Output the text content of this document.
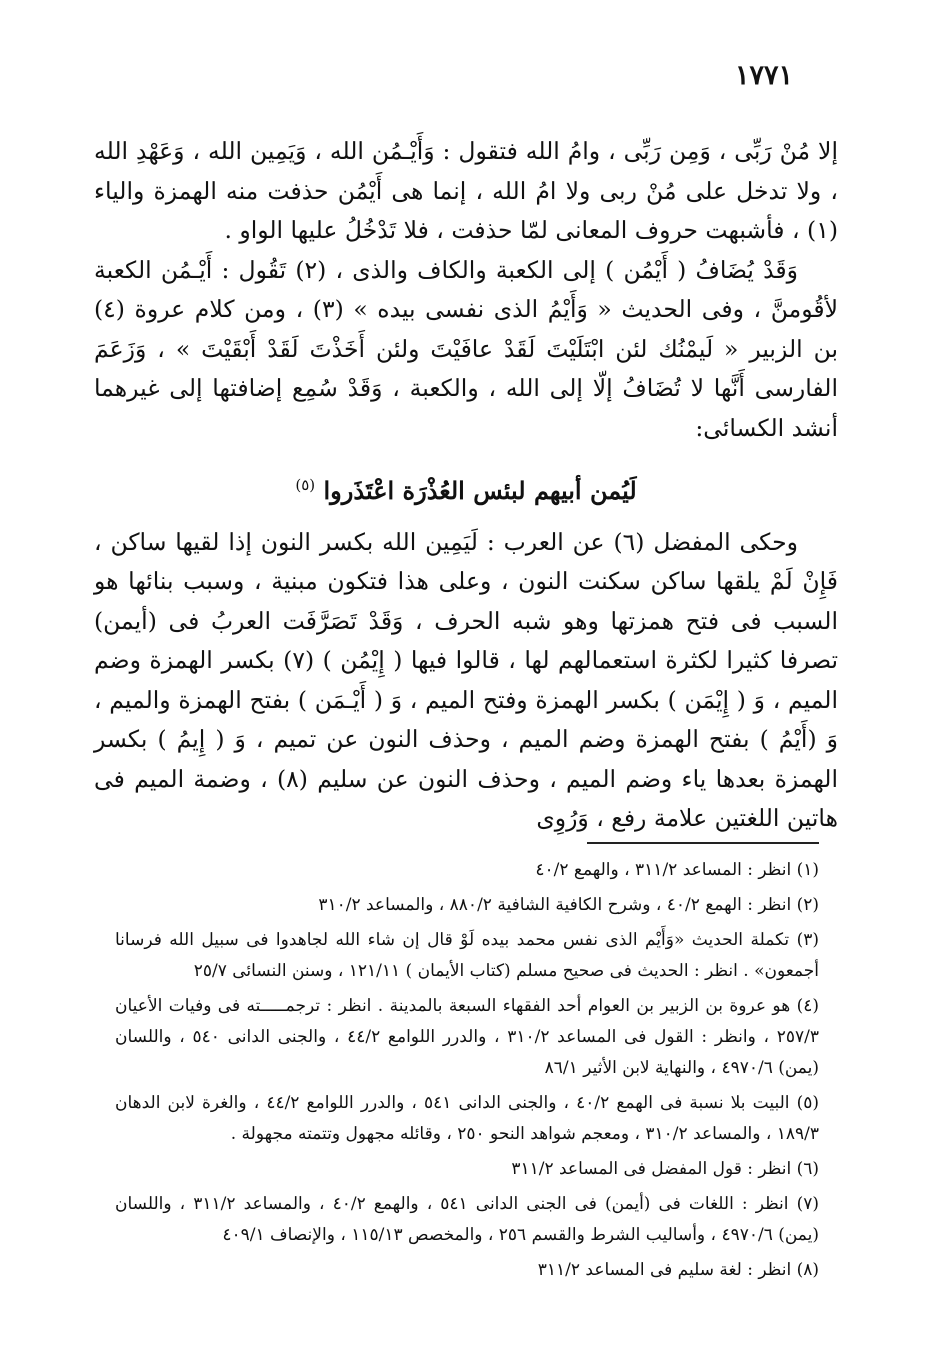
١٧٧١

إلا مُنْ رَبِّى ، وَمِن رَبِّى ، وامُ الله فتقول : وَأَيْـمُن الله ، وَيَمِين الله ، وَعَهْدِ الله ، ولا تدخل على مُنْ ربى ولا امُ الله ، إنما هى أَيْمُن حذفت منه الهمزة والياء (١) ، فأشبهت حروف المعانى لمّا حذفت ، فلا تَدْخُلُ عليها الواو .

وَقَدْ يُضَافُ ( أَيْمُن ) إلى الكعبة والكاف والذى ، (٢) تَقُول : أَيْـمُن الكعبة لأقُومنَّ ، وفى الحديث « وَأَيْمُ الذى نفسى بيده » (٣) ، ومن كلام عروة (٤) بن الزبير « لَيمْنُك لئن ابْتَلَيْتَ لَقَدْ عافَيْتَ ولئن أَخَذْتَ لَقَدْ أَبْقَيْتَ » ، وَزَعَمَ الفارسى أَنَّها لا تُضَافُ إلّا إلى الله ، والكعبة ، وَقَدْ سُمِع إضافتها إلى غيرهما أنشد الكسائى:

لَيُمن أبيهم لبئس العُذْرَة اعْتَذَروا $^{(٥)}$

وحكى المفضل (٦) عن العرب : لَيَمِين الله بكسر النون إذا لقيها ساكن ، فَإِنْ لَمْ يلقها ساكن سكنت النون ، وعلى هذا فتكون مبنية ، وسبب بنائها هو السبب فى فتح همزتها وهو شبه الحرف ، وَقَدْ تَصَرَّفَت العربُ فى (أيمن) تصرفا كثيرا لكثرة استعمالهم لها ، قالوا فيها ( إِيْمُن ) (٧) بكسر الهمزة وضم الميم ، وَ ( إِيْمَن ) بكسر الهمزة وفتح الميم ، وَ ( أَيْـمَن ) بفتح الهمزة والميم ، وَ (أَيْمُ ) بفتح الهمزة وضم الميم ، وحذف النون عن تميم ، وَ ( إِيمُ ) بكسر الهمزة بعدها ياء وضم الميم ، وحذف النون عن سليم (٨) ، وضمة الميم فى هاتين اللغتين علامة رفع ، وَرُوِى

(١) انظر : المساعد ٣١١/٢ ، والهمع ٤٠/٢

(٢) انظر : الهمع ٤٠/٢ ، وشرح الكافية الشافية ٨٨٠/٢ ، والمساعد ٣١٠/٢

(٣) تكملة الحديث «وَأَيْم الذى نفس محمد بيده لَوْ قال إن شاء الله لجاهدوا فى سبيل الله فرسانا أجمعون» . انظر : الحديث فى صحيح مسلم (كتاب الأيمان ) ١٢١/١١ ، وسنن النسائى ٢٥/٧

(٤) هو عروة بن الزبير بن العوام أحد الفقهاء السبعة بالمدينة . انظر : ترجمـــــته فى وفيات الأعيان ٢٥٧/٣ ، وانظر : القول فى المساعد ٣١٠/٢ ، والدرر اللوامع ٤٤/٢ ، والجنى الدانى ٥٤٠ ، واللسان (يمن) ٤٩٧٠/٦ ، والنهاية لابن الأثير ٨٦/١

(٥) البيت بلا نسبة فى الهمع ٤٠/٢ ، والجنى الدانى ٥٤١ ، والدرر اللوامع ٤٤/٢ ، والغرة لابن الدهان ١٨٩/٣ ، والمساعد ٣١٠/٢ ، ومعجم شواهد النحو ٢٥٠ ، وقائله مجهول وتتمته مجهولة .

(٦) انظر : قول المفضل فى المساعد ٣١١/٢

(٧) انظر : اللغات فى (أيمن) فى الجنى الدانى ٥٤١ ، والهمع ٤٠/٢ ، والمساعد ٣١١/٢ ، واللسان (يمن) ٤٩٧٠/٦ ، وأساليب الشرط والقسم ٢٥٦ ، والمخصص ١١٥/١٣ ، والإنصاف ٤٠٩/١

(٨) انظر : لغة سليم فى المساعد ٣١١/٢
